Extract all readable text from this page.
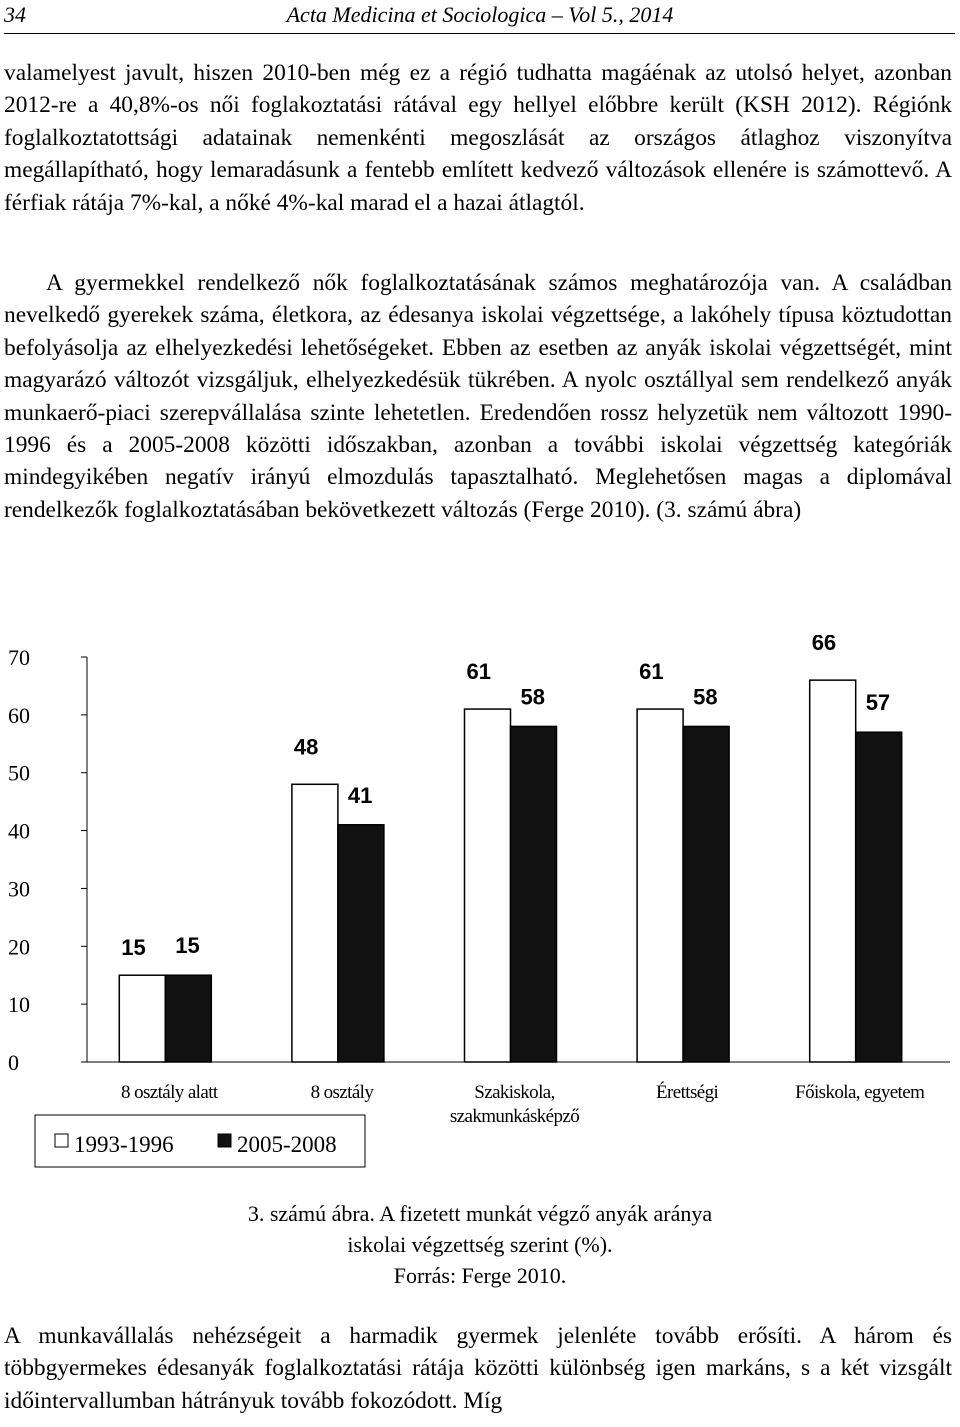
34	Acta Medicina et Sociologica – Vol 5., 2014

valamelyest javult, hiszen 2010-ben még ez a régió tudhatta magáénak az utolsó helyet, azonban 2012-re a 40,8%-os női foglakoztatási rátával egy hellyel előbbre került (KSH 2012). Régiónk foglalkoztatottsági adatainak nemenkénti megoszlását az országos átlaghoz viszonyítva megállapítható, hogy lemaradásunk a fentebb említett kedvező változások ellenére is számottevő. A férfiak rátája 7%-kal, a nőké 4%-kal marad el a hazai átlagtól.

A gyermekkel rendelkező nők foglalkoztatásának számos meghatározója van. A családban nevelkedő gyerekek száma, életkora, az édesanya iskolai végzettsége, a lakóhely típusa köztudottan befolyásolja az elhelyezkedési lehetőségeket. Ebben az esetben az anyák iskolai végzettségét, mint magyarázó változót vizsgáljuk, elhelyezkedésük tükrében. A nyolc osztállyal sem rendelkező anyák munkaerő-piaci szerepvállalása szinte lehetetlen. Eredendően rossz helyzetük nem változott 1990-1996 és a 2005-2008 közötti időszakban, azonban a további iskolai végzettség kategóriák mindegyikében negatív irányú elmozdulás tapasztalható. Meglehetősen magas a diplomával rendelkezők foglalkoztatásában bekövetkezett változás (Ferge 2010). (3. számú ábra)

0
10
20
30
40
50
60
70
15 15
8 osztály alatt
48
41
8 osztály
61
58
Szakiskola,
szakmunkásképző
61
58
Érettségi
66
57
Főiskola, egyetem
1993-1996	2005-2008
3. számú ábra. A fizetett munkát végző anyák aránya
iskolai végzettség szerint (%).
Forrás: Ferge 2010.

A munkavállalás nehézségeit a harmadik gyermek jelenléte tovább erősíti. A három és többgyermekes édesanyák foglalkoztatási rátája közötti különbség igen markáns, s a két vizsgált időintervallumban hátrányuk tovább fokozódott. Míg
